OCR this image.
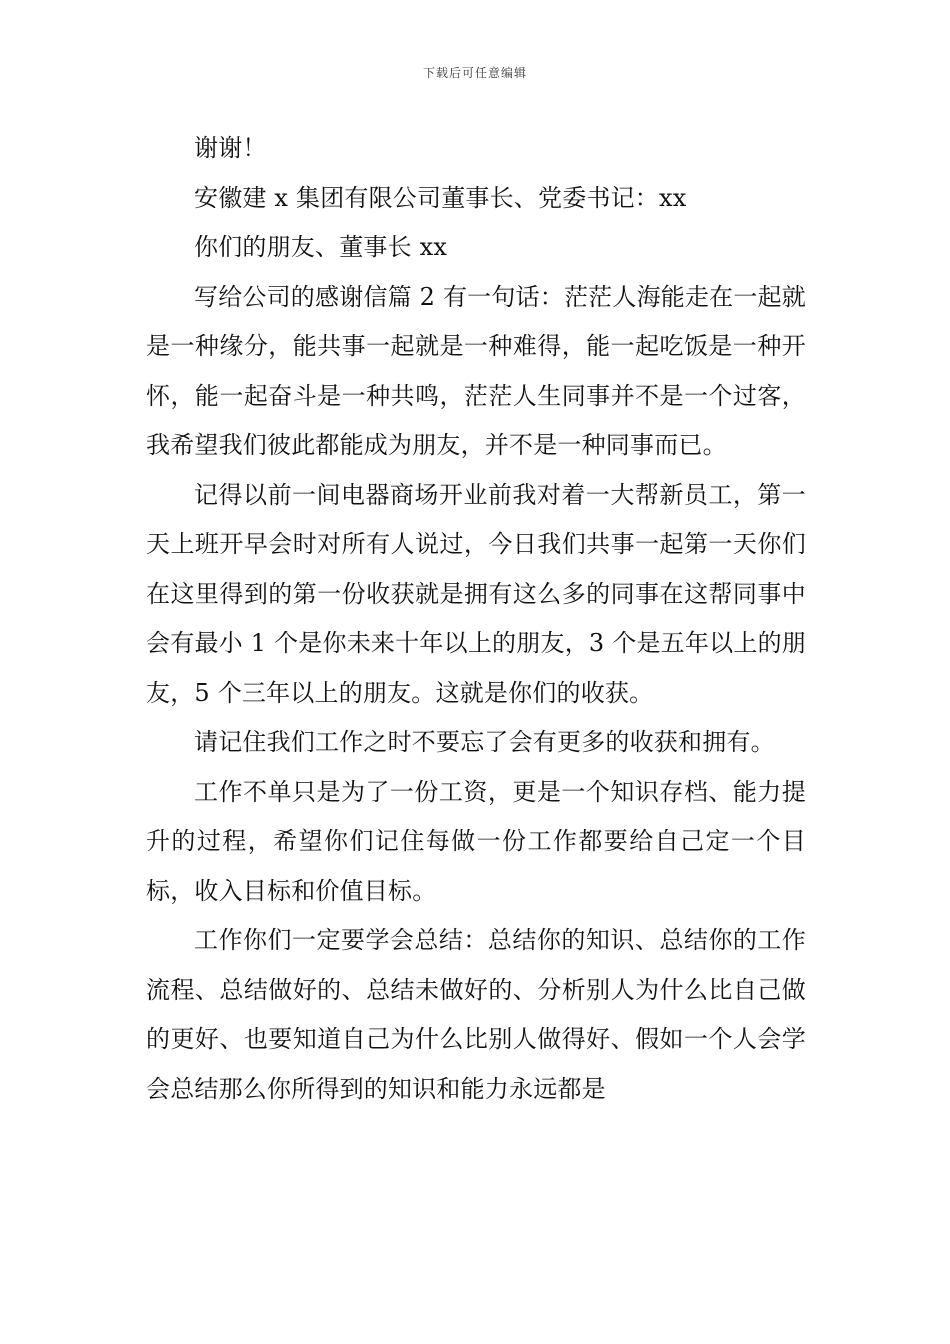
下载后可任意编辑

谢谢！

安徽建 x 集团有限公司董事长、党委书记：xx

你们的朋友、董事长 xx

写给公司的感谢信篇 2 有一句话：茫茫人海能走在一起就是一种缘分，能共事一起就是一种难得，能一起吃饭是一种开怀，能一起奋斗是一种共鸣，茫茫人生同事并不是一个过客，我希望我们彼此都能成为朋友，并不是一种同事而已。

记得以前一间电器商场开业前我对着一大帮新员工，第一天上班开早会时对所有人说过，今日我们共事一起第一天你们在这里得到的第一份收获就是拥有这么多的同事在这帮同事中会有最小 1 个是你未来十年以上的朋友，3 个是五年以上的朋友，5 个三年以上的朋友。这就是你们的收获。

请记住我们工作之时不要忘了会有更多的收获和拥有。

工作不单只是为了一份工资，更是一个知识存档、能力提升的过程，希望你们记住每做一份工作都要给自己定一个目标，收入目标和价值目标。

工作你们一定要学会总结：总结你的知识、总结你的工作流程、总结做好的、总结未做好的、分析别人为什么比自己做的更好、也要知道自己为什么比别人做得好、假如一个人会学会总结那么你所得到的知识和能力永远都是
